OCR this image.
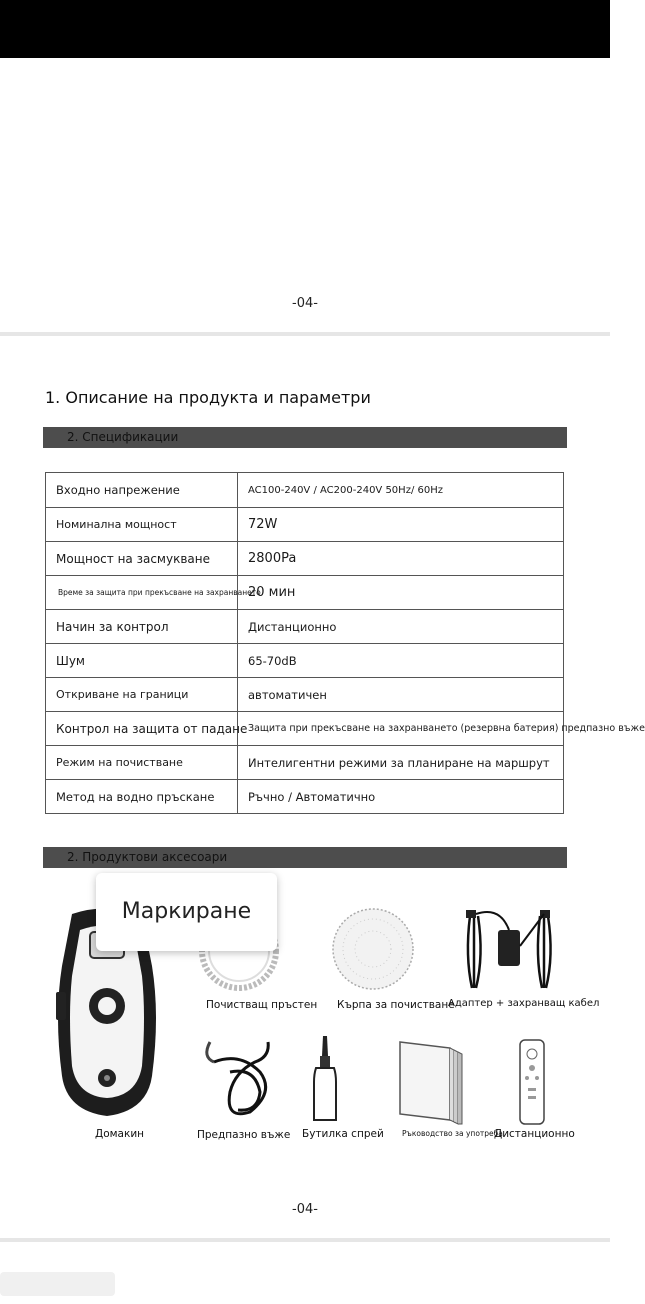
-04-
1. Описание на продукта и параметри
2. Спецификации
Входно напрежение	AC100-240V / AC200-240V 50Hz/ 60Hz
Номинална мощност	72W
Мощност на засмукване	2800Pa
Време за защита при прекъсване на захранването	20 мин
Начин за контрол	Дистанционно
Шум	65-70dB
Откриване на граници	автоматичен
Контрол на защита от падане	Защита при прекъсване на захранването (резервна батерия) предпазно въже
Режим на почистване	Интелигентни режими за планиране на маршрут
Метод на водно пръскане	Ръчно / Автоматично
2. Продуктови аксесоари
Домакин
Почистващ пръстен Кърпа за почистване
Адаптер + захранващ кабел
Предпазно въже Бутилка спрей Ръководство за употреба
Дистанционно
Маркиране
-04-
